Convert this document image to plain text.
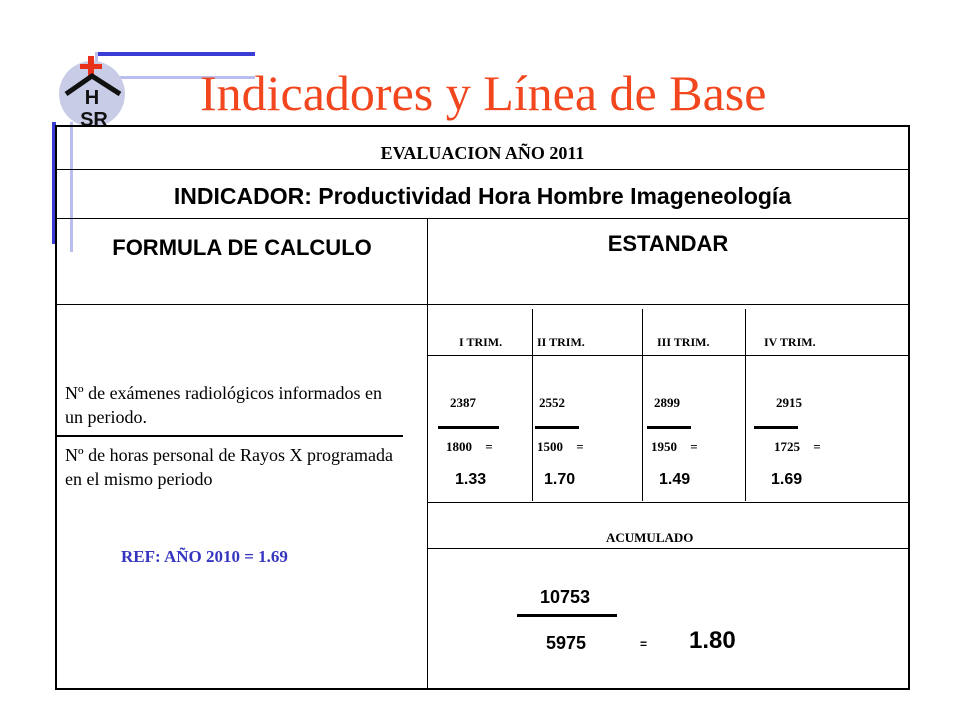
H
SR Indicadores y Línea de Base
EVALUACION AÑO 2011
INDICADOR: Productividad Hora Hombre Imageneología
FORMULA DE CALCULO	ESTANDAR
Nº de exámenes radiológicos informados en un periodo.
Nº de horas personal de Rayos X programada en el mismo periodo
REF: AÑO 2010 = 1.69
I TRIM.	II TRIM.	III TRIM.	IV TRIM.
2387	2552	2899	2915
1800 =	1500 =	1950 =	1725 =
1.33	1.70	1.49	1.69
ACUMULADO
10753
5975	= 1.80
